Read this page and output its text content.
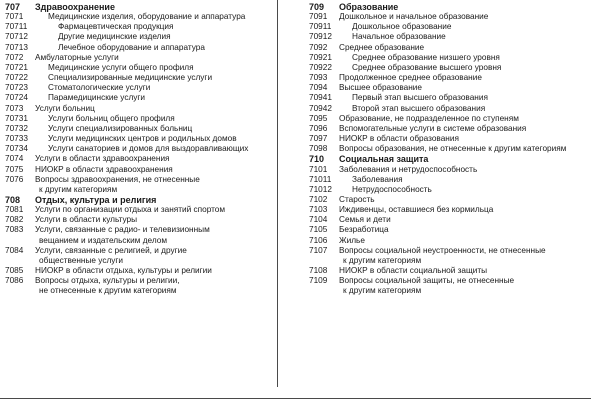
707	Здравоохранение
7071	Медицинские изделия, оборудование и аппаратура
70711	Фармацевтическая продукция
70712	Другие медицинские изделия
70713	Лечебное оборудование и аппаратура
7072	Амбулаторные услуги
70721	Медицинские услуги общего профиля
70722	Специализированные медицинские услуги
70723	Стоматологические услуги
70724	Парамедицинские услуги
7073	Услуги больниц
70731	Услуги больниц общего профиля
70732	Услуги специализированных больниц
70733	Услуги медицинских центров и родильных домов
70734	Услуги санаториев и домов для выздоравливающих
7074	Услуги в области здравоохранения
7075	НИОКР в области здравоохранения
7076	Вопросы здравоохранения, не отнесенные
к другим категориям
708	Отдых, культура и религия
7081	Услуги по организации отдыха и занятий спортом
7082	Услуги в области культуры
7083	Услуги, связанные с радио- и телевизионным
вещанием и издательским делом
7084	Услуги, связанные с религией, и другие
общественные услуги
7085	НИОКР в области отдыха, культуры и религии
7086	Вопросы отдыха, культуры и религии,
не отнесенные к другим категориям
709	Образование
7091	Дошкольное и начальное образование
70911	Дошкольное образование
70912	Начальное образование
7092	Среднее образование
70921	Среднее образование низшего уровня
70922	Среднее образование высшего уровня
7093	Продолженное среднее образование
7094	Высшее образование
70941	Первый этап высшего образования
70942	Второй этап высшего образования
7095	Образование, не подразделенное по ступеням
7096	Вспомогательные услуги в системе образования
7097	НИОКР в области образования
7098	Вопросы образования, не отнесенные к другим категориям
710	Социальная защита
7101	Заболевания и нетрудоспособность
71011	Заболевания
71012	Нетрудоспособность
7102	Старость
7103	Иждивенцы, оставшиеся без кормильца
7104	Семья и дети
7105	Безработица
7106	Жилье
7107	Вопросы социальной неустроенности, не отнесенные
к другим категориям
7108	НИОКР в области социальной защиты
7109	Вопросы социальной защиты, не отнесенные
к другим категориям
